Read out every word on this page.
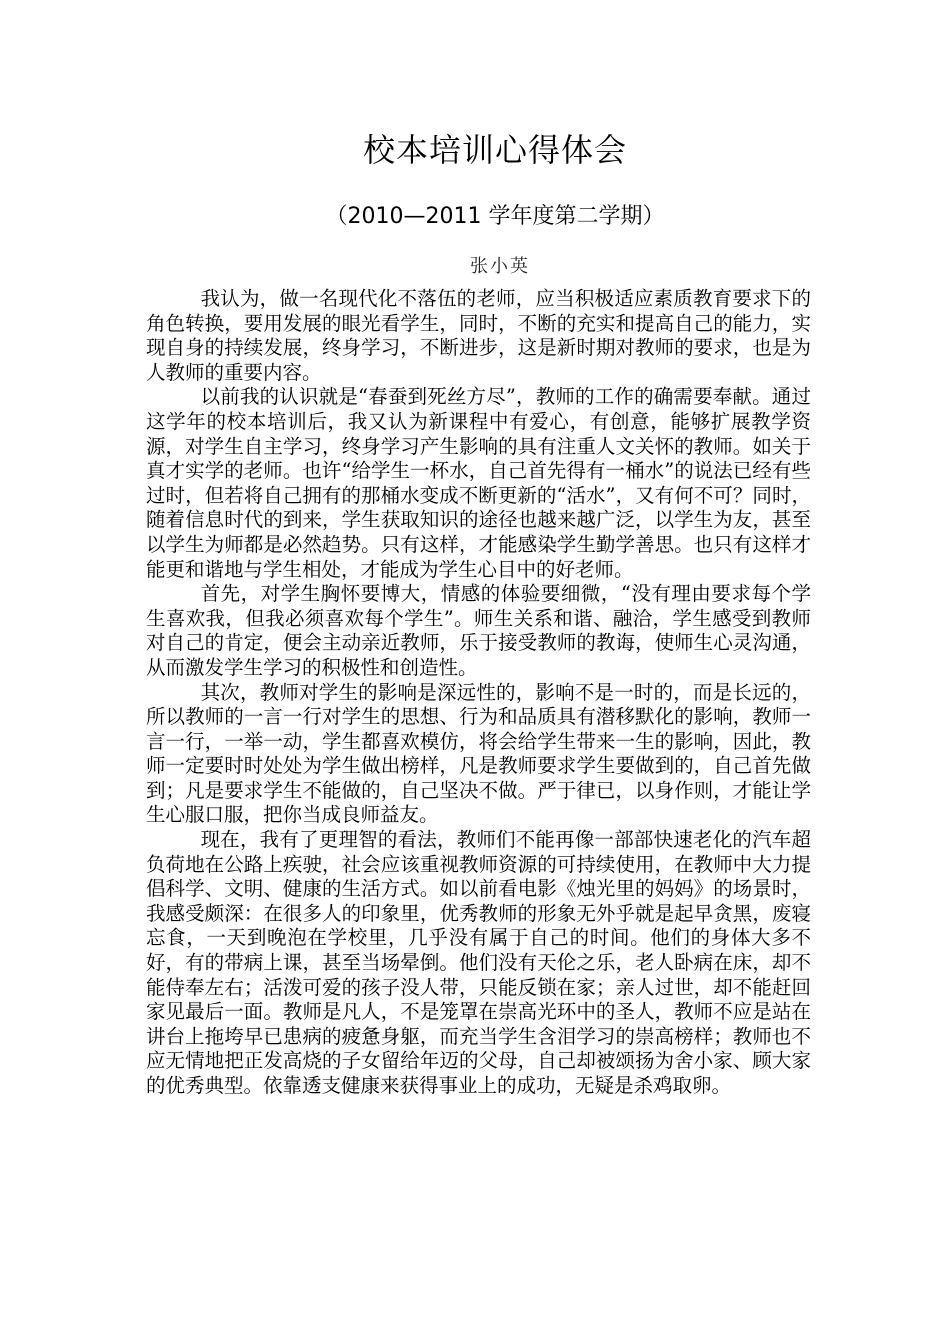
校本培训心得体会
（2010—2011 学年度第二学期）
张小英

我认为，做一名现代化不落伍的老师，应当积极适应素质教育要求下的角色转换，要用发展的眼光看学生，同时，不断的充实和提高自己的能力，实现自身的持续发展，终身学习，不断进步，这是新时期对教师的要求，也是为人教师的重要内容。

以前我的认识就是“春蚕到死丝方尽”，教师的工作的确需要奉献。通过这学年的校本培训后，我又认为新课程中有爱心，有创意，能够扩展教学资源，对学生自主学习，终身学习产生影响的具有注重人文关怀的教师。如关于真才实学的老师。也许“给学生一杯水，自己首先得有一桶水”的说法已经有些过时，但若将自己拥有的那桶水变成不断更新的“活水”，又有何不可？同时，随着信息时代的到来，学生获取知识的途径也越来越广泛，以学生为友，甚至以学生为师都是必然趋势。只有这样，才能感染学生勤学善思。也只有这样才能更和谐地与学生相处，才能成为学生心目中的好老师。

首先，对学生胸怀要博大，情感的体验要细微，“没有理由要求每个学生喜欢我，但我必须喜欢每个学生”。师生关系和谐、融洽，学生感受到教师对自己的肯定，便会主动亲近教师，乐于接受教师的教诲，使师生心灵沟通，从而激发学生学习的积极性和创造性。

其次，教师对学生的影响是深远性的，影响不是一时的，而是长远的，所以教师的一言一行对学生的思想、行为和品质具有潜移默化的影响，教师一言一行，一举一动，学生都喜欢模仿，将会给学生带来一生的影响，因此，教师一定要时时处处为学生做出榜样，凡是教师要求学生要做到的，自己首先做到；凡是要求学生不能做的，自己坚决不做。严于律已，以身作则，才能让学生心服口服，把你当成良师益友。

现在，我有了更理智的看法，教师们不能再像一部部快速老化的汽车超负荷地在公路上疾驶，社会应该重视教师资源的可持续使用，在教师中大力提倡科学、文明、健康的生活方式。如以前看电影《烛光里的妈妈》的场景时，我感受颇深：在很多人的印象里，优秀教师的形象无外乎就是起早贪黑，废寝忘食，一天到晚泡在学校里，几乎没有属于自己的时间。他们的身体大多不好，有的带病上课，甚至当场晕倒。他们没有天伦之乐，老人卧病在床，却不能侍奉左右；活泼可爱的孩子没人带，只能反锁在家；亲人过世，却不能赶回家见最后一面。教师是凡人，不是笼罩在崇高光环中的圣人，教师不应是站在讲台上拖垮早已患病的疲惫身躯，而充当学生含泪学习的崇高榜样；教师也不应无情地把正发高烧的子女留给年迈的父母，自己却被颂扬为舍小家、顾大家的优秀典型。依靠透支健康来获得事业上的成功，无疑是杀鸡取卵。
